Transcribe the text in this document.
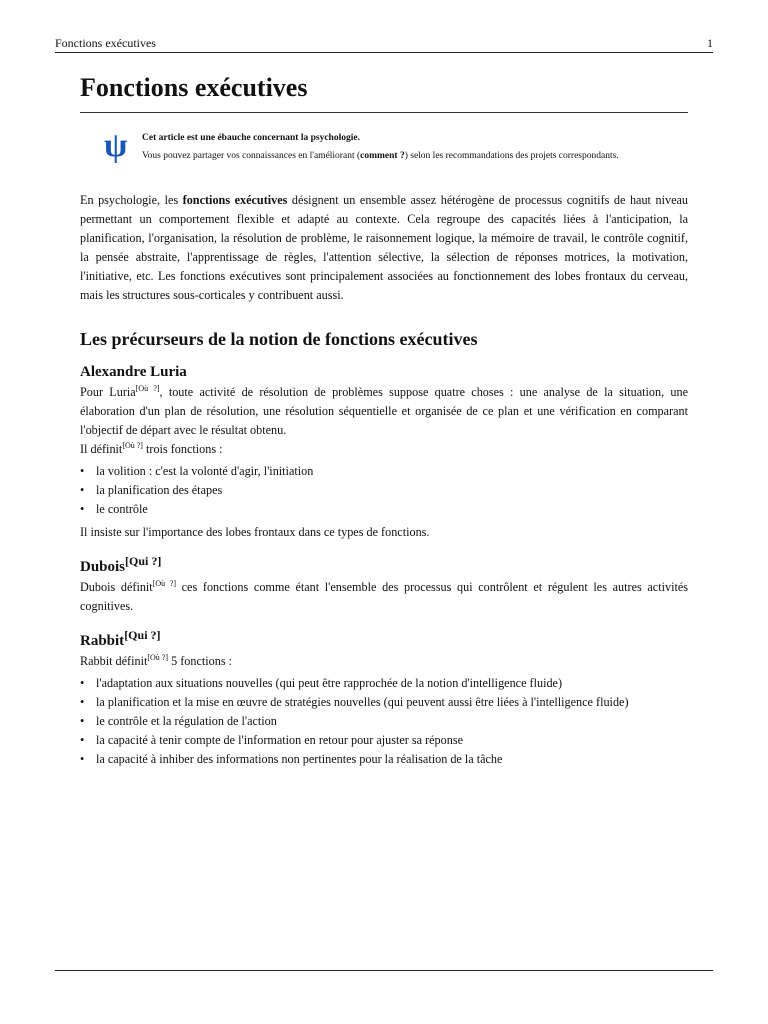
Fonctions exécutives	1
Fonctions exécutives
ψ Cet article est une ébauche concernant la psychologie.
Vous pouvez partager vos connaissances en l'améliorant (comment ?) selon les recommandations des projets correspondants.

En psychologie, les fonctions exécutives désignent un ensemble assez hétérogène de processus cognitifs de haut niveau permettant un comportement flexible et adapté au contexte. Cela regroupe des capacités liées à l'anticipation, la planification, l'organisation, la résolution de problème, le raisonnement logique, la mémoire de travail, le contrôle cognitif, la pensée abstraite, l'apprentissage de règles, l'attention sélective, la sélection de réponses motrices, la motivation, l'initiative, etc. Les fonctions exécutives sont principalement associées au fonctionnement des lobes frontaux du cerveau, mais les structures sous-corticales y contribuent aussi.

Les précurseurs de la notion de fonctions exécutives
Alexandre Luria

Pour Luria[Où ?], toute activité de résolution de problèmes suppose quatre choses : une analyse de la situation, une élaboration d'un plan de résolution, une résolution séquentielle et organisée de ce plan et une vérification en comparant l'objectif de départ avec le résultat obtenu.

Il définit[Où ?] trois fonctions :

• la volition : c'est la volonté d'agir, l'initiation
• la planification des étapes
• le contrôle

Il insiste sur l'importance des lobes frontaux dans ce types de fonctions.

Dubois[Qui ?]

Dubois définit[Où ?] ces fonctions comme étant l'ensemble des processus qui contrôlent et régulent les autres activités cognitives.

Rabbit[Qui ?]

Rabbit définit[Où ?] 5 fonctions :

• l'adaptation aux situations nouvelles (qui peut être rapprochée de la notion d'intelligence fluide)
• la planification et la mise en œuvre de stratégies nouvelles (qui peuvent aussi être liées à l'intelligence fluide)
• le contrôle et la régulation de l'action
• la capacité à tenir compte de l'information en retour pour ajuster sa réponse
• la capacité à inhiber des informations non pertinentes pour la réalisation de la tâche
